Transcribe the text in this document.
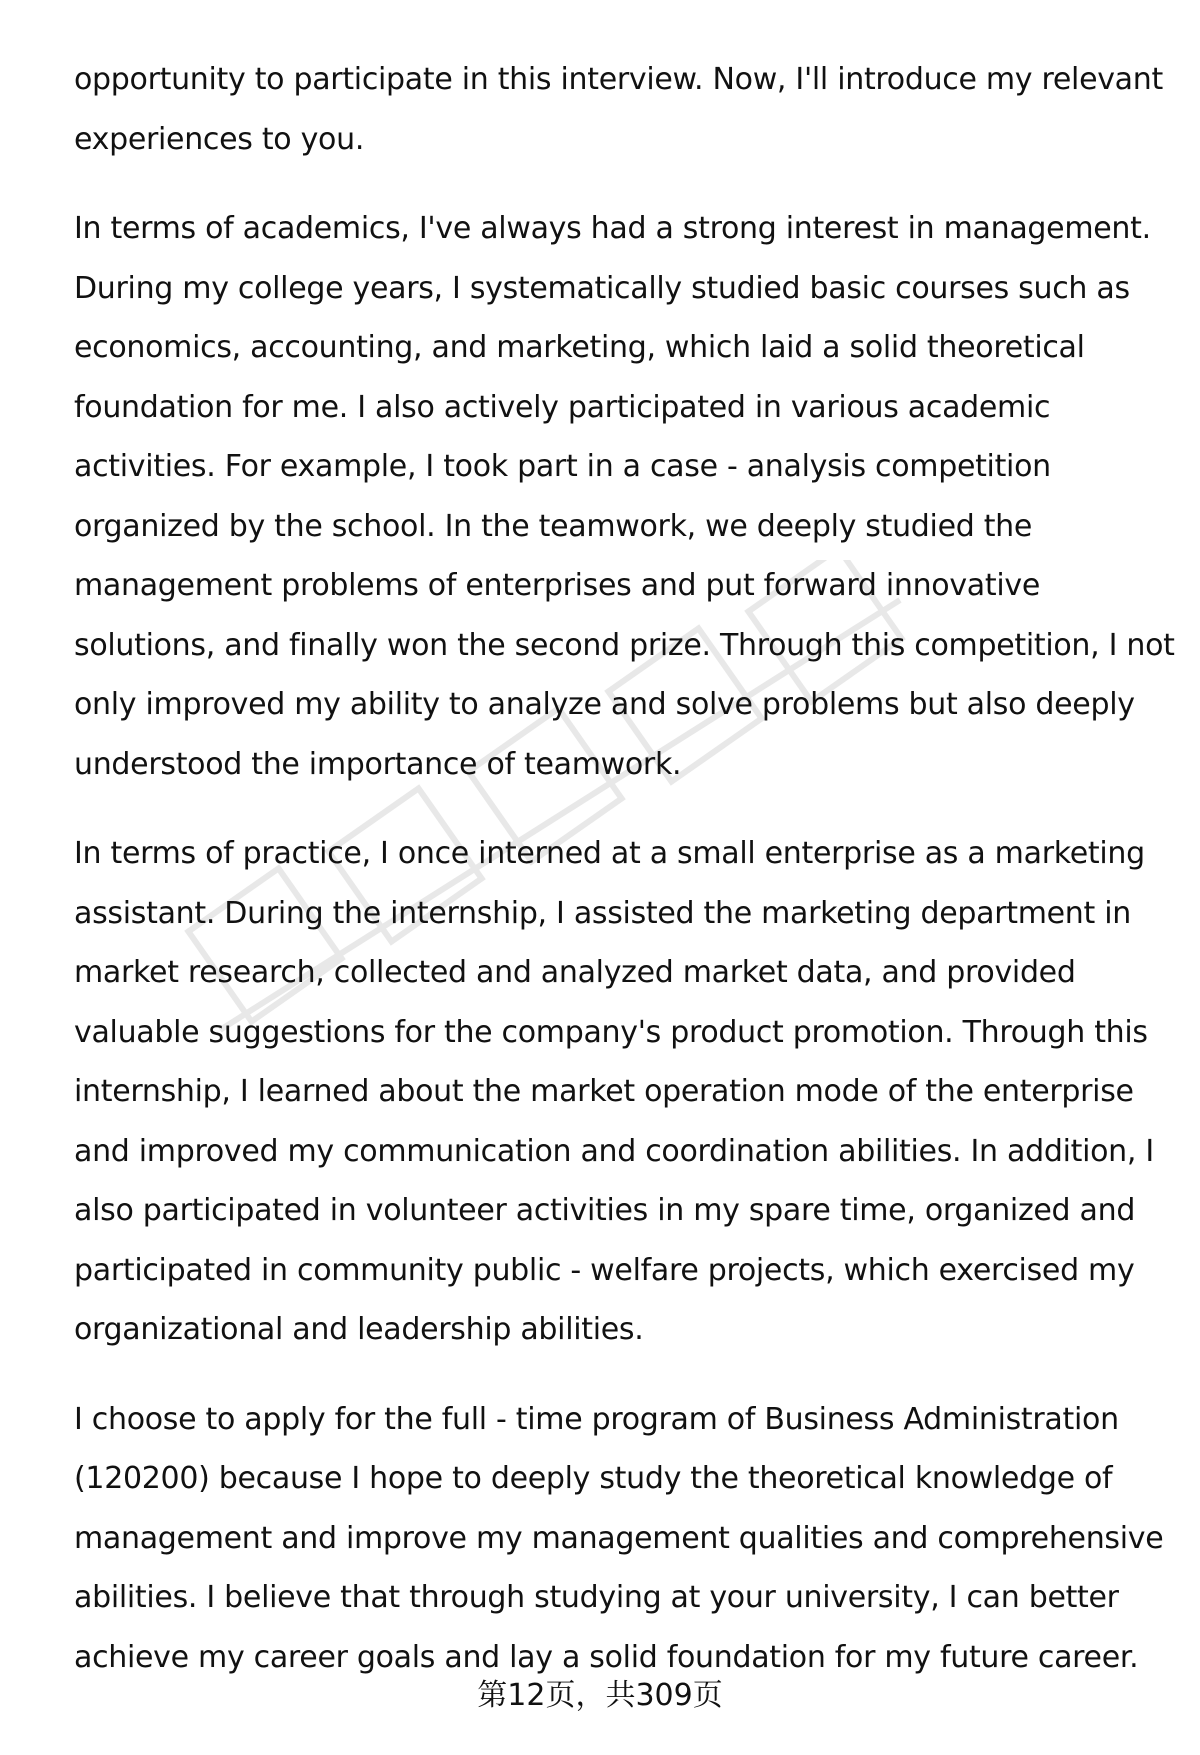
opportunity to participate in this interview. Now, I'll introduce my relevant experiences to you.

In terms of academics, I've always had a strong interest in management. During my college years, I systematically studied basic courses such as economics, accounting, and marketing, which laid a solid theoretical foundation for me. I also actively participated in various academic activities. For example, I took part in a case - analysis competition organized by the school. In the teamwork, we deeply studied the management problems of enterprises and put forward innovative solutions, and finally won the second prize. Through this competition, I not only improved my ability to analyze and solve problems but also deeply understood the importance of teamwork.

In terms of practice, I once interned at a small enterprise as a marketing assistant. During the internship, I assisted the marketing department in market research, collected and analyzed market data, and provided valuable suggestions for the company's product promotion. Through this internship, I learned about the market operation mode of the enterprise and improved my communication and coordination abilities. In addition, I also participated in volunteer activities in my spare time, organized and participated in community public - welfare projects, which exercised my organizational and leadership abilities.

I choose to apply for the full - time program of Business Administration (120200) because I hope to deeply study the theoretical knowledge of management and improve my management qualities and comprehensive abilities. I believe that through studying at your university, I can better achieve my career goals and lay a solid foundation for my future career.

第12页，共309页
